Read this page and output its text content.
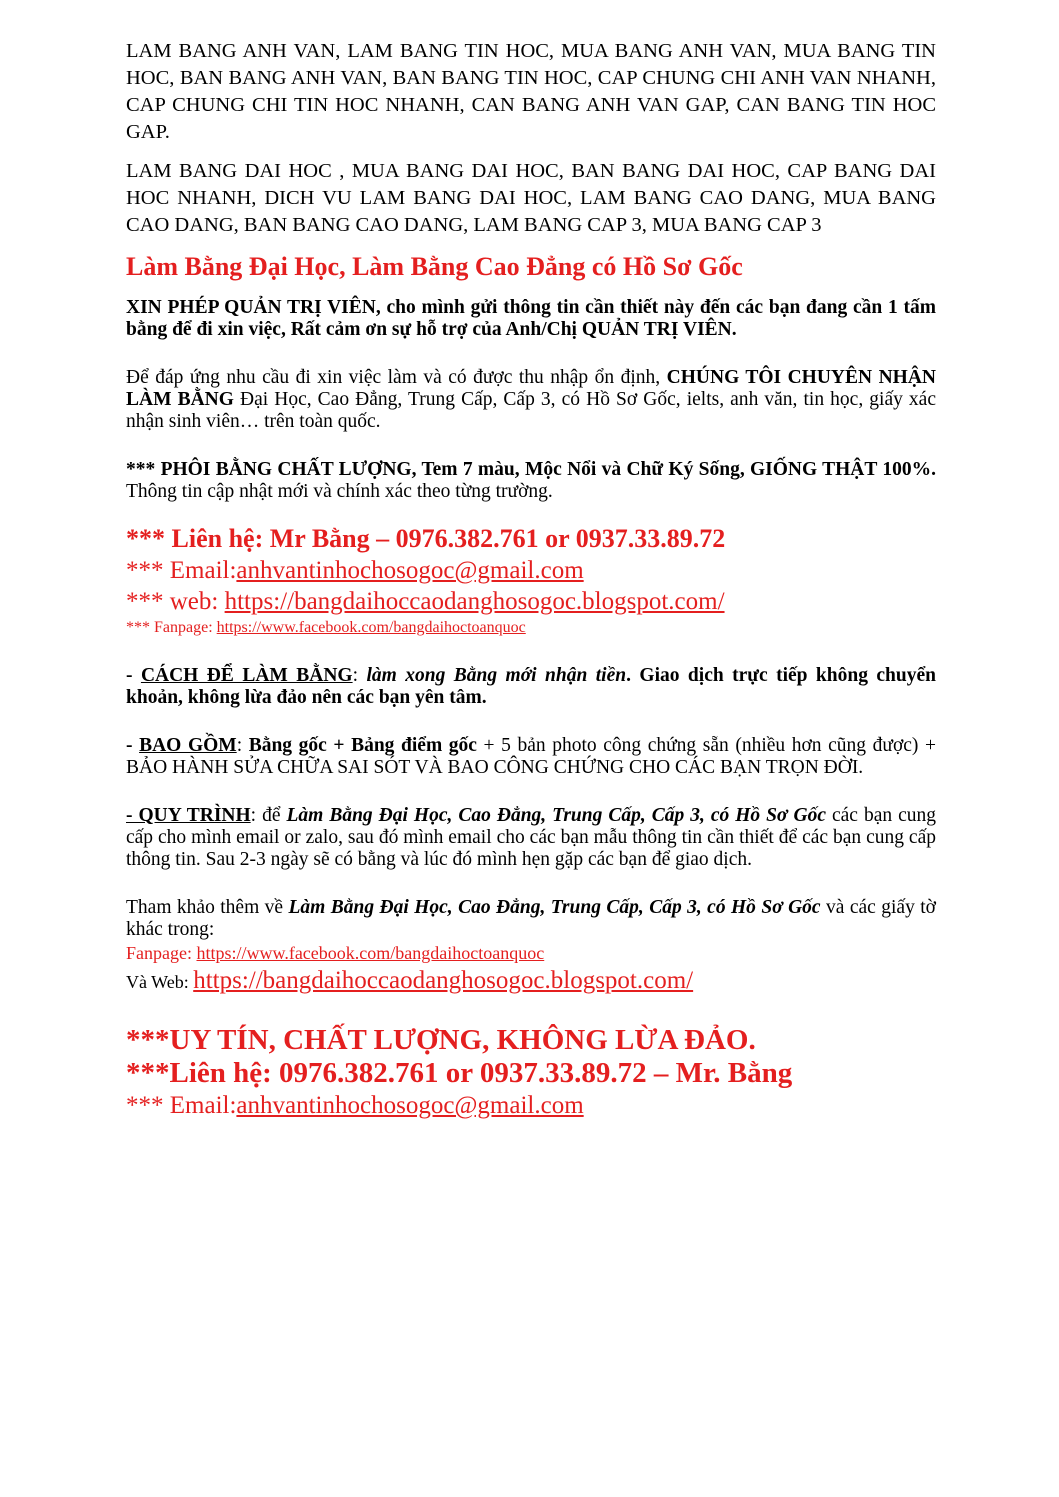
LAM BANG ANH VAN, LAM BANG TIN HOC, MUA BANG ANH VAN, MUA BANG TIN HOC, BAN BANG ANH VAN, BAN BANG TIN HOC, CAP CHUNG CHI ANH VAN NHANH, CAP CHUNG CHI TIN HOC NHANH, CAN BANG ANH VAN GAP, CAN BANG TIN HOC GAP.

LAM BANG DAI HOC , MUA BANG DAI HOC, BAN BANG DAI HOC, CAP BANG DAI HOC NHANH, DICH VU LAM BANG DAI HOC, LAM BANG CAO DANG, MUA BANG CAO DANG, BAN BANG CAO DANG, LAM BANG CAP 3, MUA BANG CAP 3

Làm Bằng Đại Học, Làm Bằng Cao Đẳng có Hồ Sơ Gốc

XIN PHÉP QUẢN TRỊ VIÊN, cho mình gửi thông tin cần thiết này đến các bạn đang cần 1 tấm bằng để đi xin việc, Rất cảm ơn sự hỗ trợ của Anh/Chị QUẢN TRỊ VIÊN.

Để đáp ứng nhu cầu đi xin việc làm và có được thu nhập ổn định, CHÚNG TÔI CHUYÊN NHẬN LÀM BẰNG Đại Học, Cao Đẳng, Trung Cấp, Cấp 3, có Hồ Sơ Gốc, ielts, anh văn, tin học, giấy xác nhận sinh viên… trên toàn quốc.

*** PHÔI BẰNG CHẤT LƯỢNG, Tem 7 màu, Mộc Nổi và Chữ Ký Sống, GIỐNG THẬT 100%. Thông tin cập nhật mới và chính xác theo từng trường.

*** Liên hệ: Mr Bằng – 0976.382.761 or 0937.33.89.72
*** Email:anhvantinhochosogoc@gmail.com
*** web: https://bangdaihoccaodanghosogoc.blogspot.com/
*** Fanpage: https://www.facebook.com/bangdaihoctoanquoc

- CÁCH ĐỂ LÀM BẰNG: làm xong Bằng mới nhận tiền. Giao dịch trực tiếp không chuyển khoản, không lừa đảo nên các bạn yên tâm.

- BAO GỒM: Bằng gốc + Bảng điểm gốc + 5 bản photo công chứng sẵn (nhiều hơn cũng được) + BẢO HÀNH SỬA CHỮA SAI SÓT VÀ BAO CÔNG CHỨNG CHO CÁC BẠN TRỌN ĐỜI.

- QUY TRÌNH: để Làm Bằng Đại Học, Cao Đẳng, Trung Cấp, Cấp 3, có Hồ Sơ Gốc các bạn cung cấp cho mình email or zalo, sau đó mình email cho các bạn mẫu thông tin cần thiết để các bạn cung cấp thông tin. Sau 2-3 ngày sẽ có bằng và lúc đó mình hẹn gặp các bạn để giao dịch.

Tham khảo thêm về Làm Bằng Đại Học, Cao Đẳng, Trung Cấp, Cấp 3, có Hồ Sơ Gốc và các giấy tờ khác trong:

Fanpage: https://www.facebook.com/bangdaihoctoanquoc
Và Web: https://bangdaihoccaodanghosogoc.blogspot.com/
***UY TÍN, CHẤT LƯỢNG, KHÔNG LỪA ĐẢO.
***Liên hệ: 0976.382.761 or 0937.33.89.72 – Mr. Bằng
*** Email:anhvantinhochosogoc@gmail.com
